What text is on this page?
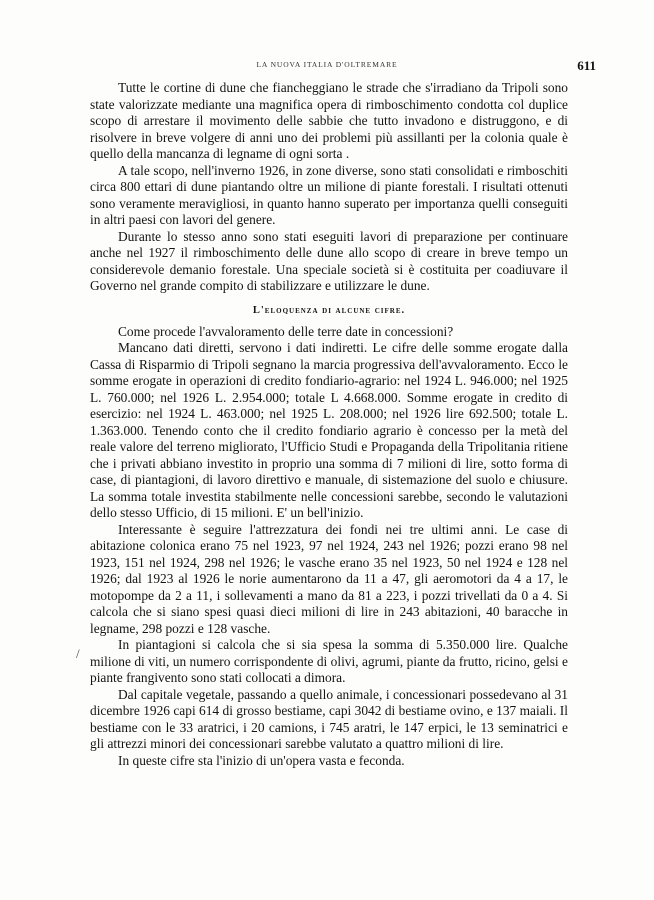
LA NUOVA ITALIA D'OLTREMARE	611
/

Tutte le cortine di dune che fiancheggiano le strade che s'irradiano da Tripoli sono state valorizzate mediante una magnifica opera di rimboschimento condotta col duplice scopo di arrestare il movimento delle sabbie che tutto invadono e distruggono, e di risolvere in breve volgere di anni uno dei problemi più assillanti per la colonia quale è quello della mancanza di legname di ogni sorta .

A tale scopo, nell'inverno 1926, in zone diverse, sono stati consolidati e rimboschiti circa 800 ettari di dune piantando oltre un milione di piante forestali. I risultati ottenuti sono veramente meravigliosi, in quanto hanno superato per importanza quelli conseguiti in altri paesi con lavori del genere.

Durante lo stesso anno sono stati eseguiti lavori di preparazione per continuare anche nel 1927 il rimboschimento delle dune allo scopo di creare in breve tempo un considerevole demanio forestale. Una speciale società si è costituita per coadiuvare il Governo nel grande compito di stabilizzare e utilizzare le dune.

L'eloquenza di alcune cifre.

Come procede l'avvaloramento delle terre date in concessioni?

Mancano dati diretti, servono i dati indiretti. Le cifre delle somme erogate dalla Cassa di Risparmio di Tripoli segnano la marcia progressiva dell'avvaloramento. Ecco le somme erogate in operazioni di credito fondiario-agrario: nel 1924 L. 946.000; nel 1925 L. 760.000; nel 1926 L. 2.954.000; totale L 4.668.000. Somme erogate in credito di esercizio: nel 1924 L. 463.000; nel 1925 L. 208.000; nel 1926 lire 692.500; totale L. 1.363.000. Tenendo conto che il credito fondiario agrario è concesso per la metà del reale valore del terreno migliorato, l'Ufficio Studi e Propaganda della Tripolitania ritiene che i privati abbiano investito in proprio una somma di 7 milioni di lire, sotto forma di case, di piantagioni, di lavoro direttivo e manuale, di sistemazione del suolo e chiusure. La somma totale investita stabilmente nelle concessioni sarebbe, secondo le valutazioni dello stesso Ufficio, di 15 milioni. E' un bell'inizio.

Interessante è seguire l'attrezzatura dei fondi nei tre ultimi anni. Le case di abitazione colonica erano 75 nel 1923, 97 nel 1924, 243 nel 1926; pozzi erano 98 nel 1923, 151 nel 1924, 298 nel 1926; le vasche erano 35 nel 1923, 50 nel 1924 e 128 nel 1926; dal 1923 al 1926 le norie aumentarono da 11 a 47, gli aeromotori da 4 a 17, le motopompe da 2 a 11, i sollevamenti a mano da 81 a 223, i pozzi trivellati da 0 a 4. Si calcola che si siano spesi quasi dieci milioni di lire in 243 abitazioni, 40 baracche in legname, 298 pozzi e 128 vasche.

In piantagioni si calcola che si sia spesa la somma di 5.350.000 lire. Qualche milione di viti, un numero corrispondente di olivi, agrumi, piante da frutto, ricino, gelsi e piante frangivento sono stati collocati a dimora.

Dal capitale vegetale, passando a quello animale, i concessionari possedevano al 31 dicembre 1926 capi 614 di grosso bestiame, capi 3042 di bestiame ovino, e 137 maiali. Il bestiame con le 33 aratrici, i 20 camions, i 745 aratri, le 147 erpici, le 13 seminatrici e gli attrezzi minori dei concessionari sarebbe valutato a quattro milioni di lire.

In queste cifre sta l'inizio di un'opera vasta e feconda.
